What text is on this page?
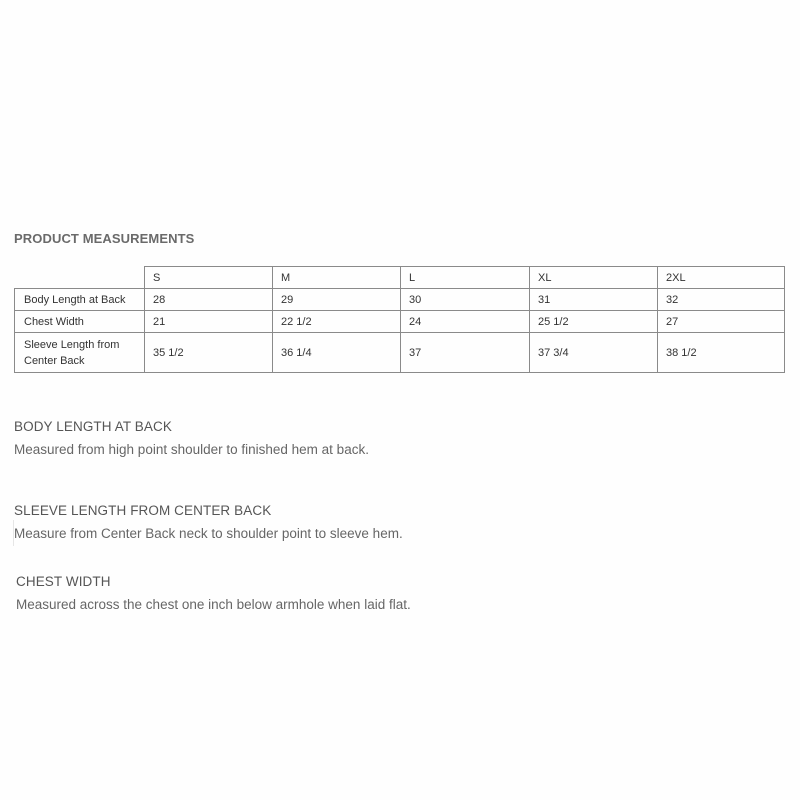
PRODUCT MEASUREMENTS
	S	M	L	XL	2XL
Body Length at Back	28	29	30	31	32
Chest Width	21	22 1/2	24	25 1/2	27

Sleeve Length from
Center Back	35 1/2	36 1/4	37	37 3/4	38 1/2

BODY LENGTH AT BACK

Measured from high point shoulder to finished hem at back.

SLEEVE LENGTH FROM CENTER BACK

Measure from Center Back neck to shoulder point to sleeve hem.

CHEST WIDTH

Measured across the chest one inch below armhole when laid flat.
